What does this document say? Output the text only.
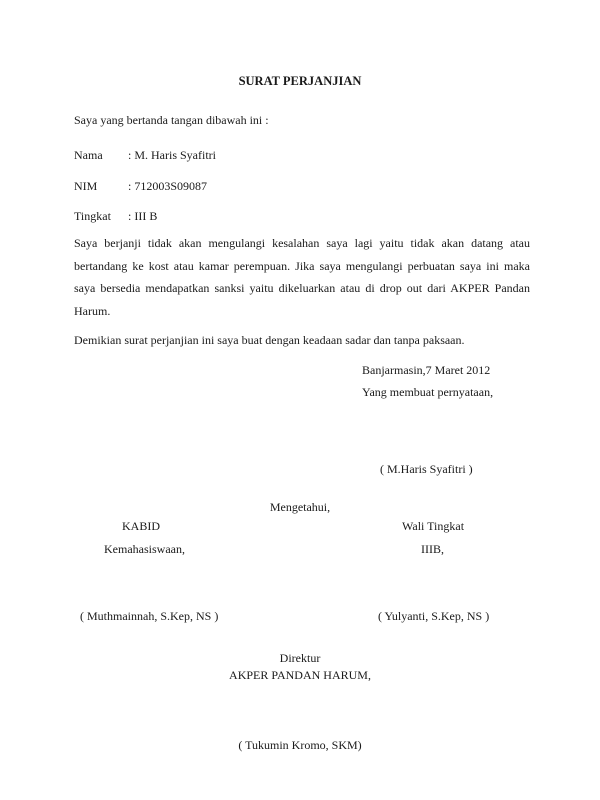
SURAT PERJANJIAN
Saya yang bertanda tangan dibawah ini :
Nama : M. Haris Syafitri
NIM	: 712003S09087
Tingkat : III B
Saya berjanji tidak akan mengulangi kesalahan saya lagi yaitu tidak akan datang atau
bertandang ke kost atau kamar perempuan. Jika saya mengulangi perbuatan saya ini maka
saya bersedia mendapatkan sanksi yaitu dikeluarkan atau di drop out dari AKPER Pandan
Harum.
Demikian surat perjanjian ini saya buat dengan keadaan sadar dan tanpa paksaan.
Banjarmasin,7 Maret 2012
Yang membuat pernyataan,
( M.Haris Syafitri )
Mengetahui,
KABID
Kemahasiswaan,
( Muthmainnah, S.Kep, NS )
Wali Tingkat
IIIB,
( Yulyanti, S.Kep, NS )
Direktur
AKPER PANDAN HARUM,
( Tukumin Kromo, SKM)
